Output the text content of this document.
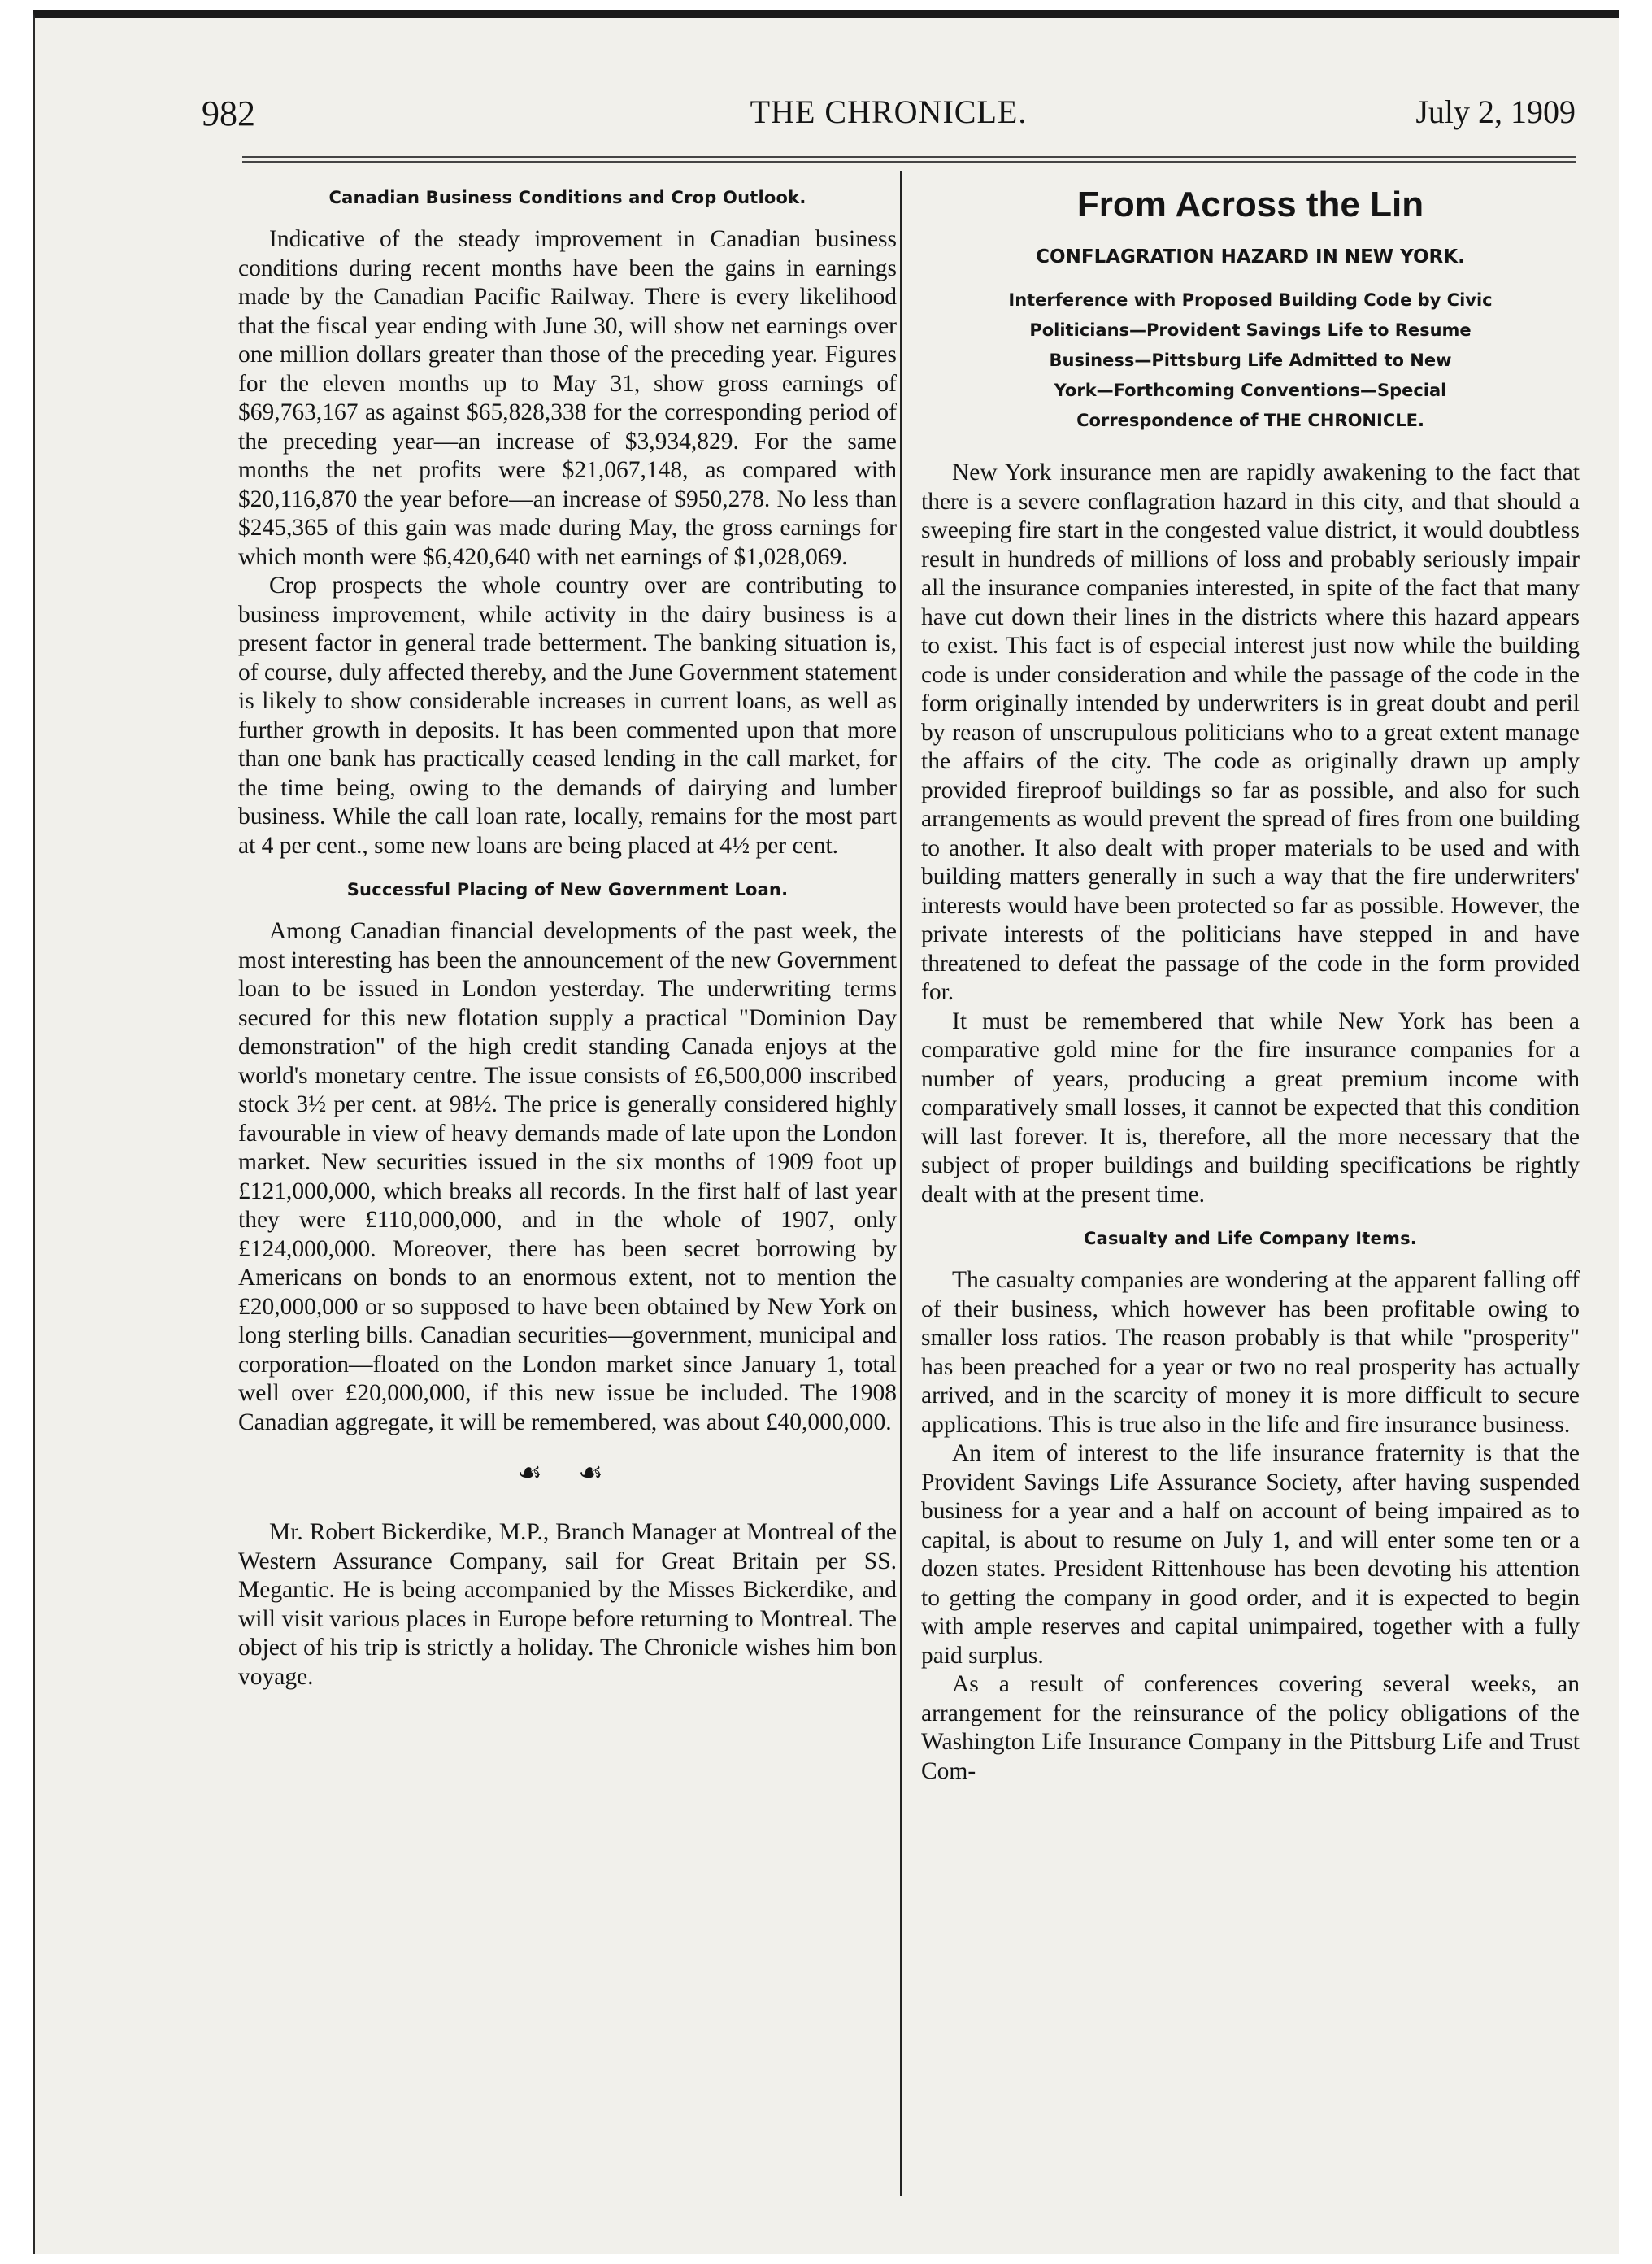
982	THE CHRONICLE.	July 2, 1909
Canadian Business Conditions and Crop Outlook.

Indicative of the steady improvement in Canadian business conditions during recent months have been the gains in earnings made by the Canadian Pacific Railway. There is every likelihood that the fiscal year ending with June 30, will show net earnings over one million dollars greater than those of the preceding year. Figures for the eleven months up to May 31, show gross earnings of $69,763,167 as against $65,828,338 for the corresponding period of the preceding year—an increase of $3,934,829. For the same months the net profits were $21,067,148, as compared with $20,116,870 the year before—an increase of $950,278. No less than $245,365 of this gain was made during May, the gross earnings for which month were $6,420,640 with net earnings of $1,028,069.

Crop prospects the whole country over are contributing to business improvement, while activity in the dairy business is a present factor in general trade betterment. The banking situation is, of course, duly affected thereby, and the June Government statement is likely to show considerable increases in current loans, as well as further growth in deposits. It has been commented upon that more than one bank has practically ceased lending in the call market, for the time being, owing to the demands of dairying and lumber business. While the call loan rate, locally, remains for the most part at 4 per cent., some new loans are being placed at 4½ per cent.

Successful Placing of New Government Loan.

Among Canadian financial developments of the past week, the most interesting has been the announcement of the new Government loan to be issued in London yesterday. The underwriting terms secured for this new flotation supply a practical "Dominion Day demonstration" of the high credit standing Canada enjoys at the world's monetary centre. The issue consists of £6,500,000 inscribed stock 3½ per cent. at 98½. The price is generally considered highly favourable in view of heavy demands made of late upon the London market. New securities issued in the six months of 1909 foot up £121,000,000, which breaks all records. In the first half of last year they were £110,000,000, and in the whole of 1907, only £124,000,000. Moreover, there has been secret borrowing by Americans on bonds to an enormous extent, not to mention the £20,000,000 or so supposed to have been obtained by New York on long sterling bills. Canadian securities—government, municipal and corporation—floated on the London market since January 1, total well over £20,000,000, if this new issue be included. The 1908 Canadian aggregate, it will be remembered, was about £40,000,000.

☙ ☙

Mr. Robert Bickerdike, M.P., Branch Manager at Montreal of the Western Assurance Company, sail for Great Britain per SS. Megantic. He is being accompanied by the Misses Bickerdike, and will visit various places in Europe before returning to Montreal. The object of his trip is strictly a holiday. The Chronicle wishes him bon voyage.

From Across the Lin
CONFLAGRATION HAZARD IN NEW YORK.
Interference with Proposed Building Code by Civic
Politicians—Provident Savings Life to Resume
Business—Pittsburg Life Admitted to New
York—Forthcoming Conventions—Special
Correspondence of THE CHRONICLE.

New York insurance men are rapidly awakening to the fact that there is a severe conflagration hazard in this city, and that should a sweeping fire start in the congested value district, it would doubtless result in hundreds of millions of loss and probably seriously impair all the insurance companies interested, in spite of the fact that many have cut down their lines in the districts where this hazard appears to exist. This fact is of especial interest just now while the building code is under consideration and while the passage of the code in the form originally intended by underwriters is in great doubt and peril by reason of unscrupulous politicians who to a great extent manage the affairs of the city. The code as originally drawn up amply provided fireproof buildings so far as possible, and also for such arrangements as would prevent the spread of fires from one building to another. It also dealt with proper materials to be used and with building matters generally in such a way that the fire underwriters' interests would have been protected so far as possible. However, the private interests of the politicians have stepped in and have threatened to defeat the passage of the code in the form provided for.

It must be remembered that while New York has been a comparative gold mine for the fire insurance companies for a number of years, producing a great premium income with comparatively small losses, it cannot be expected that this condition will last forever. It is, therefore, all the more necessary that the subject of proper buildings and building specifications be rightly dealt with at the present time.

Casualty and Life Company Items.

The casualty companies are wondering at the apparent falling off of their business, which however has been profitable owing to smaller loss ratios. The reason probably is that while "prosperity" has been preached for a year or two no real prosperity has actually arrived, and in the scarcity of money it is more difficult to secure applications. This is true also in the life and fire insurance business.

An item of interest to the life insurance fraternity is that the Provident Savings Life Assurance Society, after having suspended business for a year and a half on account of being impaired as to capital, is about to resume on July 1, and will enter some ten or a dozen states. President Rittenhouse has been devoting his attention to getting the company in good order, and it is expected to begin with ample reserves and capital unimpaired, together with a fully paid surplus.

As a result of conferences covering several weeks, an arrangement for the reinsurance of the policy obligations of the Washington Life Insurance Company in the Pittsburg Life and Trust Com-
